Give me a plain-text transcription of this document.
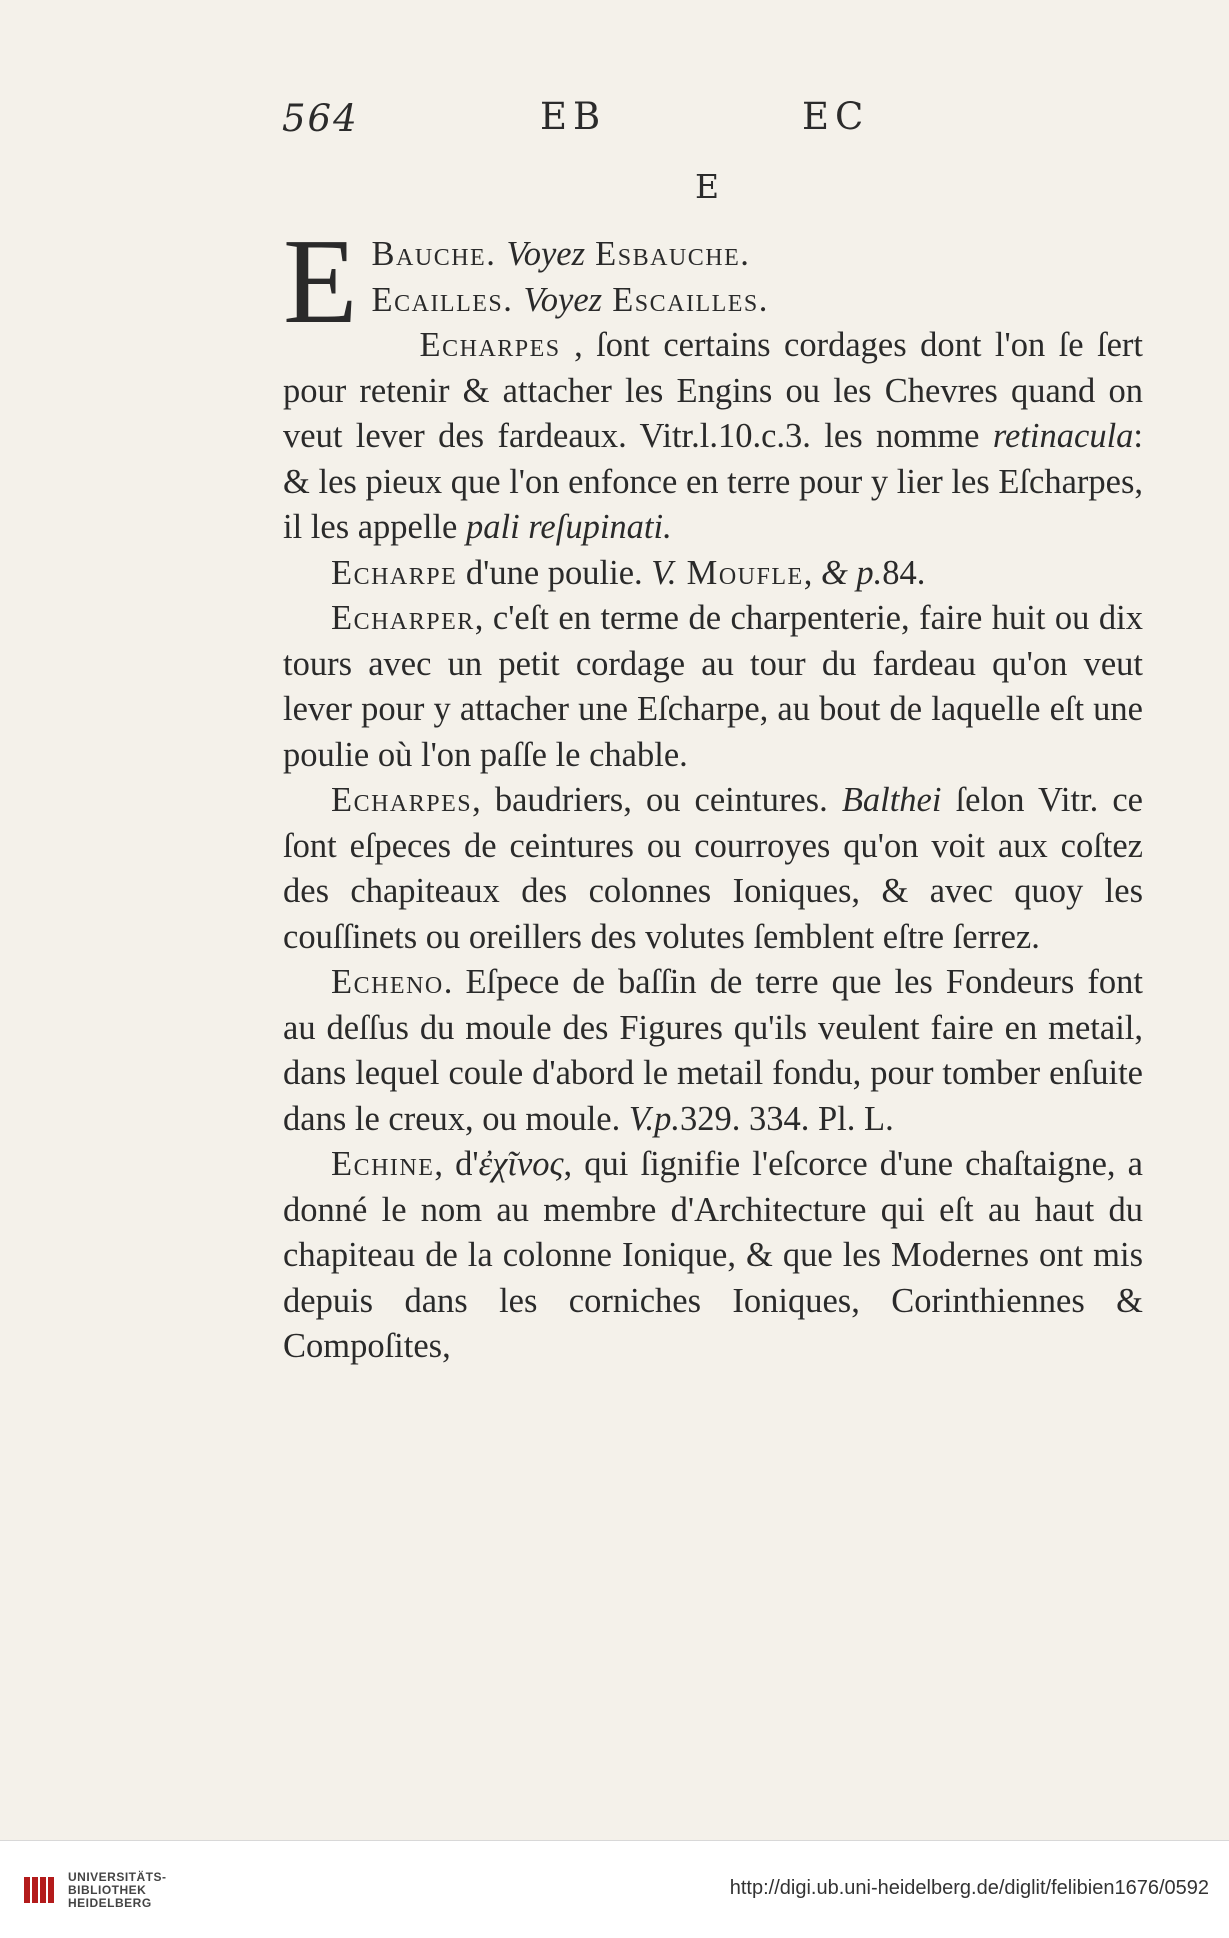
564	EB	EC
E
E Bauche. Voyez Esbauche.

Ecailles. Voyez Escailles.

Echarpes , ſont certains cordages dont l'on ſe ſert pour retenir & attacher les Engins ou les Chevres quand on veut lever des fardeaux. Vitr.l.10.c.3. les nomme retinacula: & les pieux que l'on enfonce en terre pour y lier les Eſcharpes, il les appelle pali reſupinati.

Echarpe d'une poulie. V. Moufle, & p.84.

Echarper, c'eſt en terme de charpenterie, faire huit ou dix tours avec un petit cordage au tour du fardeau qu'on veut lever pour y attacher une Eſcharpe, au bout de laquelle eſt une poulie où l'on paſſe le chable.

Echarpes, baudriers, ou ceintures. Balthei ſelon Vitr. ce ſont eſpeces de ceintures ou courroyes qu'on voit aux coſtez des chapiteaux des colonnes Ioniques, & avec quoy les couſſinets ou oreillers des volutes ſemblent eſtre ſerrez.

Echeno. Eſpece de baſſin de terre que les Fondeurs font au deſſus du moule des Figures qu'ils veulent faire en metail, dans lequel coule d'abord le metail fondu, pour tomber enſuite dans le creux, ou moule. V.p.329. 334. Pl. L.

Echine, d'ἐχῖνος, qui ſignifie l'eſcorce d'une chaſtaigne, a donné le nom au membre d'Architecture qui eſt au haut du chapiteau de la colonne Ionique, & que les Modernes ont mis depuis dans les corniches Ioniques, Corinthiennes & Compoſites,

UNIVERSITÄTS-
BIBLIOTHEK
HEIDELBERG
http://digi.ub.uni-heidelberg.de/diglit/felibien1676/0592
